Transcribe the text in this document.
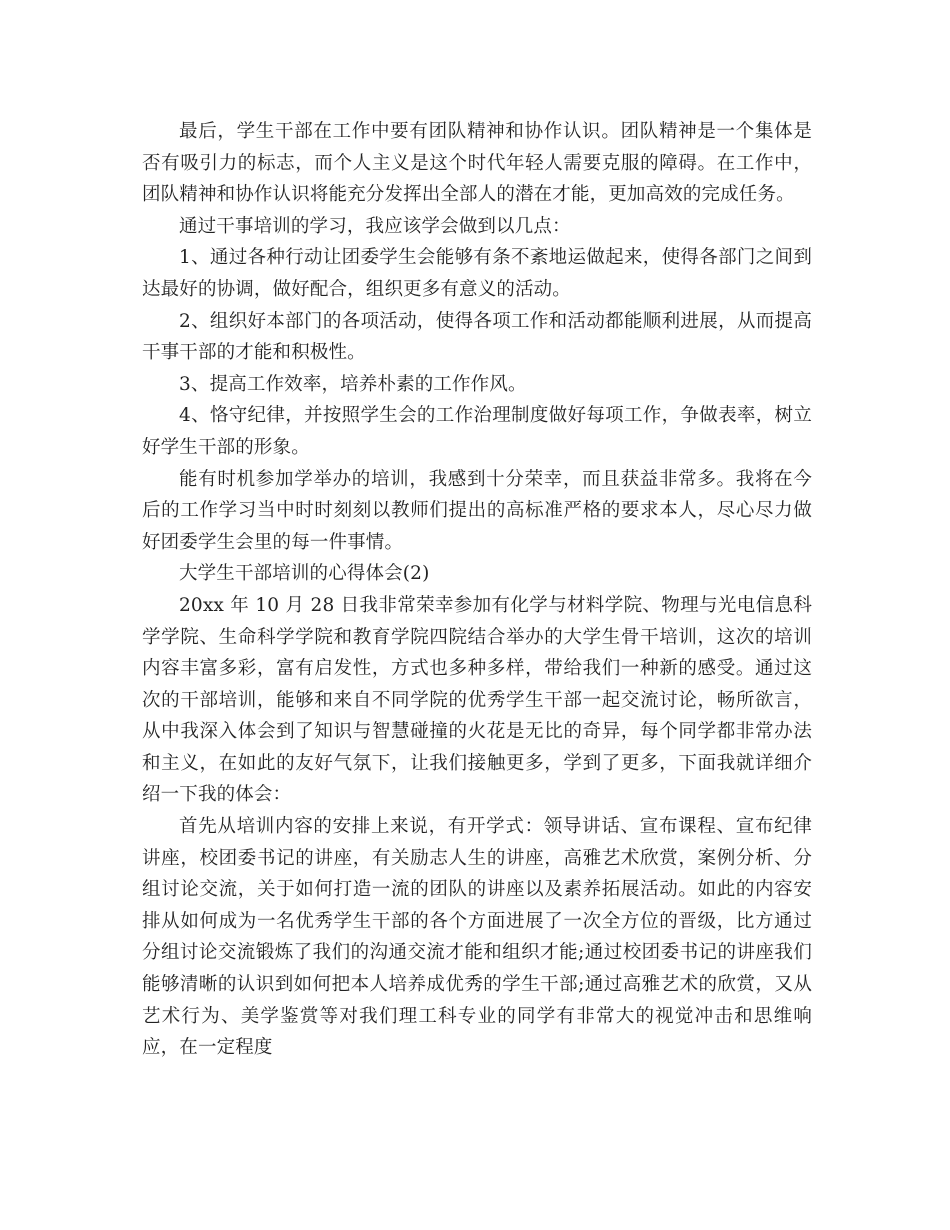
最后，学生干部在工作中要有团队精神和协作认识。团队精神是一个集体是否有吸引力的标志，而个人主义是这个时代年轻人需要克服的障碍。在工作中，团队精神和协作认识将能充分发挥出全部人的潜在才能，更加高效的完成任务。

通过干事培训的学习，我应该学会做到以几点：

1、通过各种行动让团委学生会能够有条不紊地运做起来，使得各部门之间到达最好的协调，做好配合，组织更多有意义的活动。

2、组织好本部门的各项活动，使得各项工作和活动都能顺利进展，从而提高干事干部的才能和积极性。

3、提高工作效率，培养朴素的工作作风。

4、恪守纪律，并按照学生会的工作治理制度做好每项工作，争做表率，树立好学生干部的形象。

能有时机参加学举办的培训，我感到十分荣幸，而且获益非常多。我将在今后的工作学习当中时时刻刻以教师们提出的高标准严格的要求本人，尽心尽力做好团委学生会里的每一件事情。

大学生干部培训的心得体会(2)

20xx 年 10 月 28 日我非常荣幸参加有化学与材料学院、物理与光电信息科学学院、生命科学学院和教育学院四院结合举办的大学生骨干培训，这次的培训内容丰富多彩，富有启发性，方式也多种多样，带给我们一种新的感受。通过这次的干部培训，能够和来自不同学院的优秀学生干部一起交流讨论，畅所欲言，从中我深入体会到了知识与智慧碰撞的火花是无比的奇异，每个同学都非常办法和主义，在如此的友好气氛下，让我们接触更多，学到了更多，下面我就详细介绍一下我的体会：

首先从培训内容的安排上来说，有开学式：领导讲话、宣布课程、宣布纪律讲座，校团委书记的讲座，有关励志人生的讲座，高雅艺术欣赏，案例分析、分组讨论交流，关于如何打造一流的团队的讲座以及素养拓展活动。如此的内容安排从如何成为一名优秀学生干部的各个方面进展了一次全方位的晋级，比方通过分组讨论交流锻炼了我们的沟通交流才能和组织才能;通过校团委书记的讲座我们能够清晰的认识到如何把本人培养成优秀的学生干部;通过高雅艺术的欣赏，又从艺术行为、美学鉴赏等对我们理工科专业的同学有非常大的视觉冲击和思维响应，在一定程度
